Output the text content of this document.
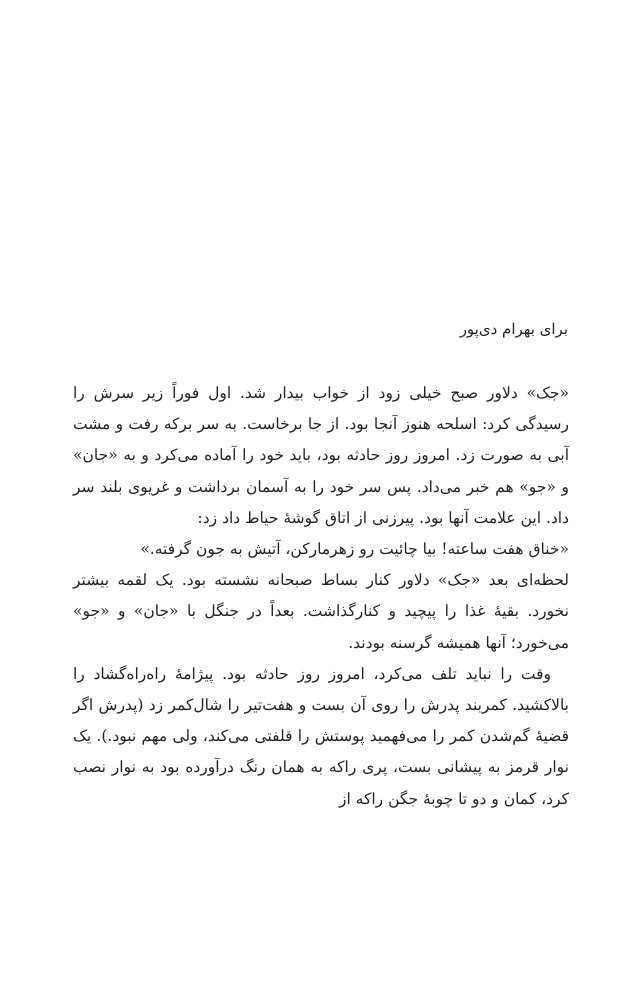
برای بهرام دی‌پور

«جک» دلاور صبح خیلی زود از خواب بیدار شد. اول فوراً زیر سرش را رسیدگی کرد: اسلحه هنوز آنجا بود. از جا برخاست. به سر برکه رفت و مشت آبی به صورت زد. امروز روز حادثه بود، باید خود را آماده می‌کرد و به «جان» و «جو» هم خبر می‌داد. پس سر خود را به آسمان برداشت و غریوی بلند سر داد. این علامت آنها بود. پیرزنی از اتاق گوشهٔ حیاط داد زد:

«خناق هفت ساعته! بیا چائیت رو زهرمارکن، آتیش به جون گرفته.»

لحظه‌ای بعد «جک» دلاور کنار بساط صبحانه نشسته بود. یک لقمه بیشتر نخورد. بقیهٔ غذا را پیچید و کنارگذاشت. بعداً در جنگل با «جان» و «جو» می‌خورد؛ آنها همیشه گرسنه بودند.

وقت را نباید تلف می‌کرد، امروز روز حادثه بود. پیژامهٔ راه‌راه‌گشاد را بالاکشید. کمربند پدرش را روی آن بست و هفت‌تیر را شال‌کمر زد (پدرش اگر قضیهٔ گم‌شدن کمر را می‌فهمید پوستش را قلفتی می‌کند، ولی مهم نبود.). یک نوار قرمز به پیشانی بست، پری راکه به همان رنگ درآورده بود به نوار نصب کرد، کمان و دو تا چوبهٔ جگن راکه از
